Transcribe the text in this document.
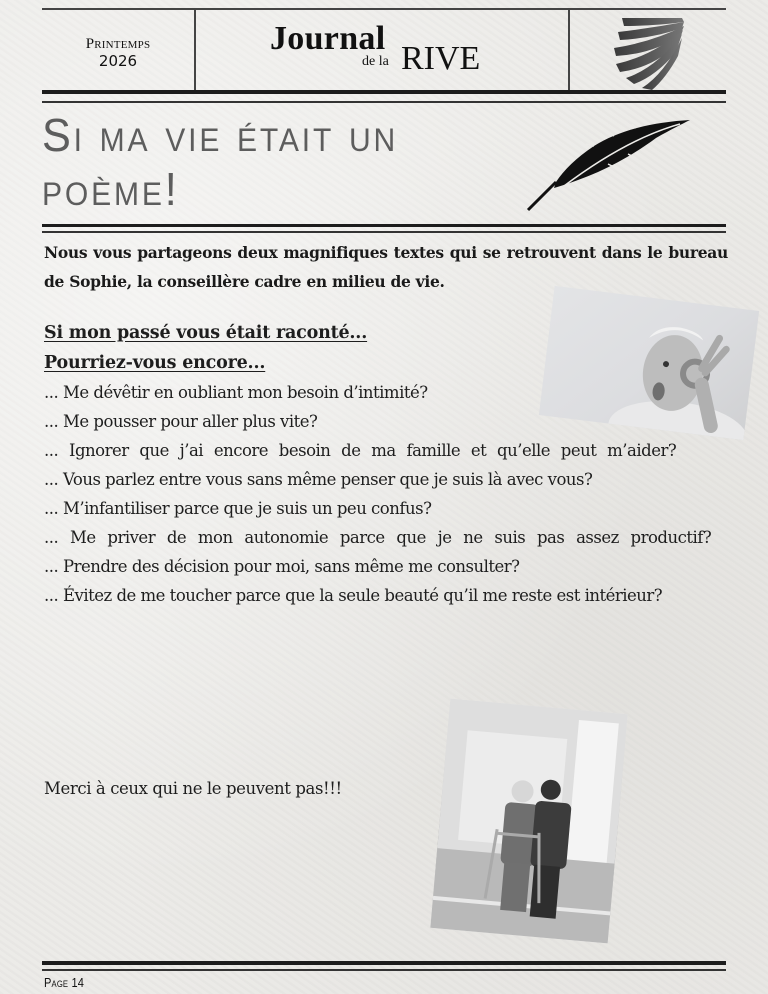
Printemps
2026
Journal
de la RIVE
Si ma vie était un
poème!
Nous vous partageons deux magnifiques textes qui se retrouvent dans le bureau de Sophie, la conseillère cadre en milieu de vie.
Si mon passé vous était raconté...
Pourriez-vous encore...
... Me dévêtir en oubliant mon besoin d’intimité?
... Me pousser pour aller plus vite?
... Ignorer que j’ai encore besoin de ma famille et qu’elle peut m’aider?
... Vous parlez entre vous sans même penser que je suis là avec vous?
... M’infantiliser parce que je suis un peu confus?
... Me priver de mon autonomie parce que je ne suis pas assez productif?
... Prendre des décision pour moi, sans même me consulter?
... Évitez de me toucher parce que la seule beauté qu’il me reste est intérieur?
Merci à ceux qui ne le peuvent pas!!!
Page 14
